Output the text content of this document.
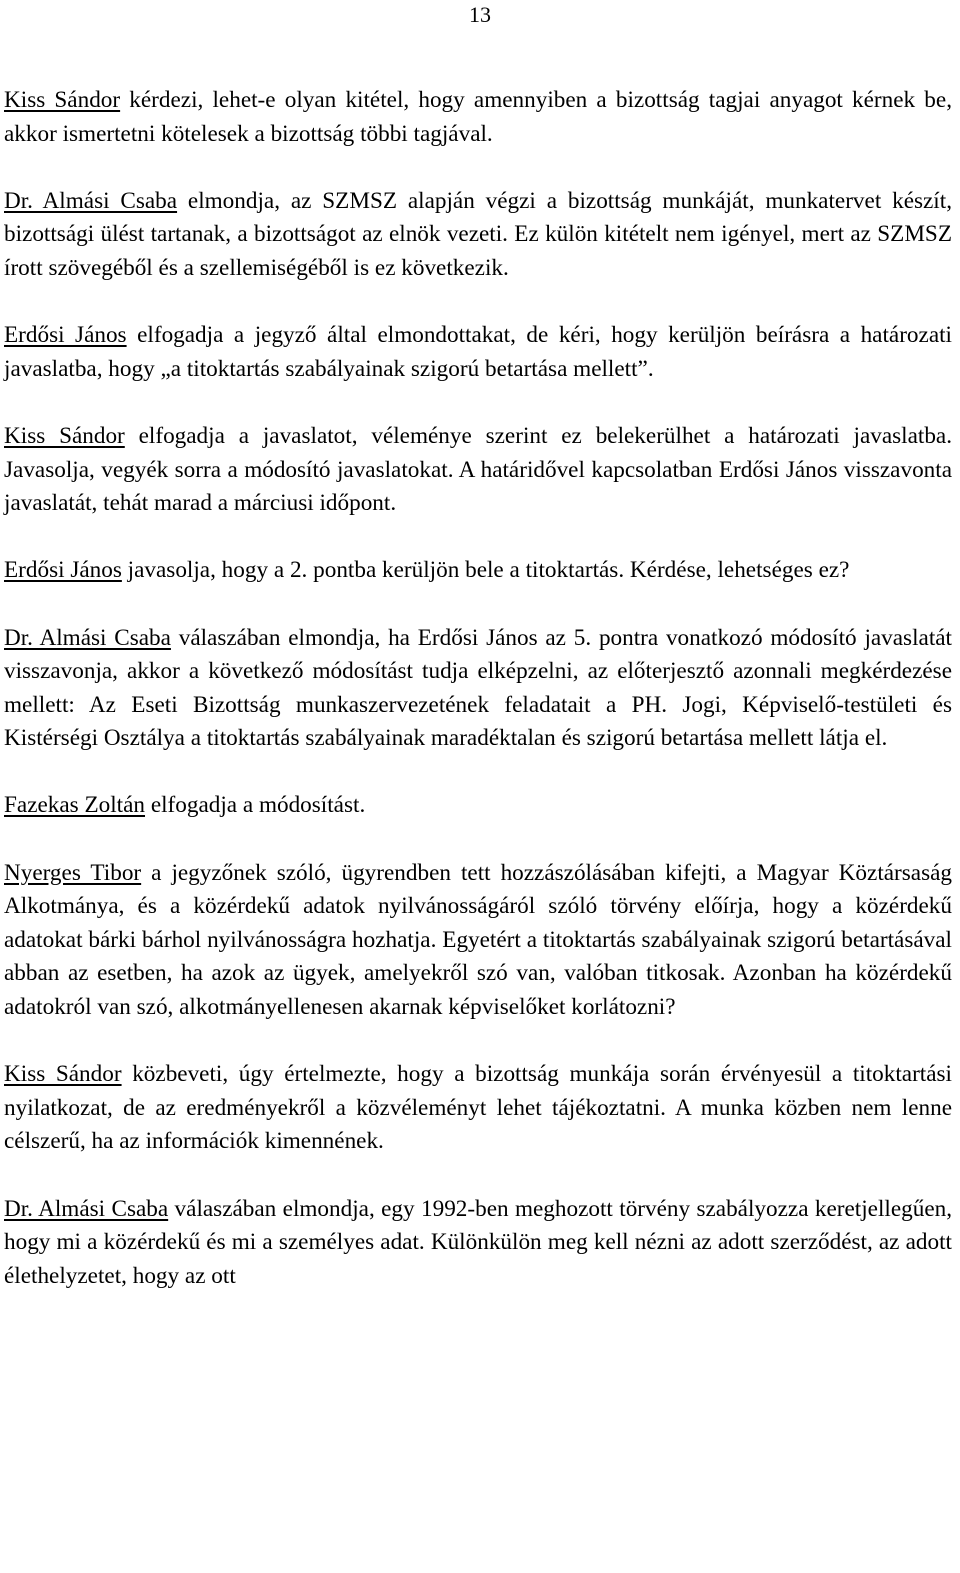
13

Kiss Sándor kérdezi, lehet-e olyan kitétel, hogy amennyiben a bizottság tagjai anyagot kérnek be, akkor ismertetni kötelesek a bizottság többi tagjával.

Dr. Almási Csaba elmondja, az SZMSZ alapján végzi a bizottság munkáját, munkatervet készít, bizottsági ülést tartanak, a bizottságot az elnök vezeti. Ez külön kitételt nem igényel, mert az SZMSZ írott szövegéből és a szellemiségéből is ez következik.

Erdősi János elfogadja a jegyző által elmondottakat, de kéri, hogy kerüljön beírásra a határozati javaslatba, hogy „a titoktartás szabályainak szigorú betartása mellett”.

Kiss Sándor elfogadja a javaslatot, véleménye szerint ez belekerülhet a határozati javaslatba. Javasolja, vegyék sorra a módosító javaslatokat. A határidővel kapcsolatban Erdősi János visszavonta javaslatát, tehát marad a márciusi időpont.

Erdősi János javasolja, hogy a 2. pontba kerüljön bele a titoktartás. Kérdése, lehetséges ez?

Dr. Almási Csaba válaszában elmondja, ha Erdősi János az 5. pontra vonatkozó módosító javaslatát visszavonja, akkor a következő módosítást tudja elképzelni, az előterjesztő azonnali megkérdezése mellett: Az Eseti Bizottság munkaszervezetének feladatait a PH. Jogi, Képviselő-testületi és Kistérségi Osztálya a titoktartás szabályainak maradéktalan és szigorú betartása mellett látja el.

Fazekas Zoltán elfogadja a módosítást.

Nyerges Tibor a jegyzőnek szóló, ügyrendben tett hozzászólásában kifejti, a Magyar Köztársaság Alkotmánya, és a közérdekű adatok nyilvánosságáról szóló törvény előírja, hogy a közérdekű adatokat bárki bárhol nyilvánosságra hozhatja. Egyetért a titoktartás szabályainak szigorú betartásával abban az esetben, ha azok az ügyek, amelyekről szó van, valóban titkosak. Azonban ha közérdekű adatokról van szó, alkotmányellenesen akarnak képviselőket korlátozni?

Kiss Sándor közbeveti, úgy értelmezte, hogy a bizottság munkája során érvényesül a titoktartási nyilatkozat, de az eredményekről a közvéleményt lehet tájékoztatni. A munka közben nem lenne célszerű, ha az információk kimennének.

Dr. Almási Csaba válaszában elmondja, egy 1992-ben meghozott törvény szabályozza keretjellegűen, hogy mi a közérdekű és mi a személyes adat. Különkülön meg kell nézni az adott szerződést, az adott élethelyzetet, hogy az ott
